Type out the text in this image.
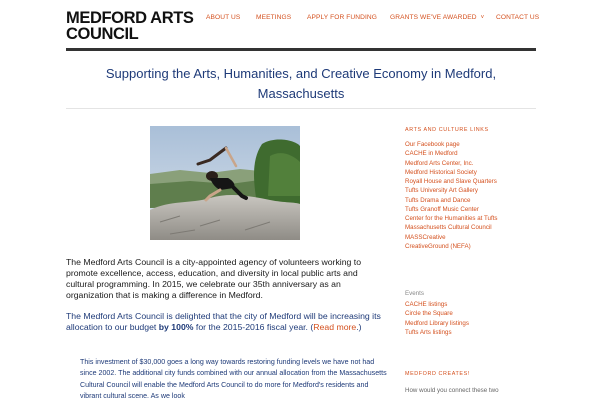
MEDFORD ARTS
COUNCIL
ABOUT US MEETINGS APPLY FOR FUNDING GRANTS WE'VE AWARDED ˅ CONTACT US
Supporting the Arts, Humanities, and Creative Economy in Medford, Massachusetts
The Medford Arts Council is a city-appointed agency of volunteers working to promote excellence, access, education, and diversity in local public arts and cultural programming. In 2015, we celebrate our 35th anniversary as an organization that is making a difference in Medford.
The Medford Arts Council is delighted that the city of Medford will be increasing its allocation to our budget by 100% for the 2015-2016 fiscal year. (Read more.)
This investment of $30,000 goes a long way towards restoring funding levels we have not had since 2002. The additional city funds combined with our annual allocation from the Massachusetts Cultural Council will enable the Medford Arts Council to do more for Medford's residents and vibrant cultural scene. As we look
ARTS AND CULTURE LINKS
Our Facebook page
CACHE in Medford
Medford Arts Center, Inc.
Medford Historical Society
Royall House and Slave Quarters
Tufts University Art Gallery
Tufts Drama and Dance
Tufts Granoff Music Center
Center for the Humanities at Tufts
Massachusetts Cultural Council
MASSCreative
CreativeGround (NEFA)
Events
CACHE listings
Circle the Square
Medford Library listings
Tufts Arts listings
MEDFORD CREATES!
How would you connect these two
